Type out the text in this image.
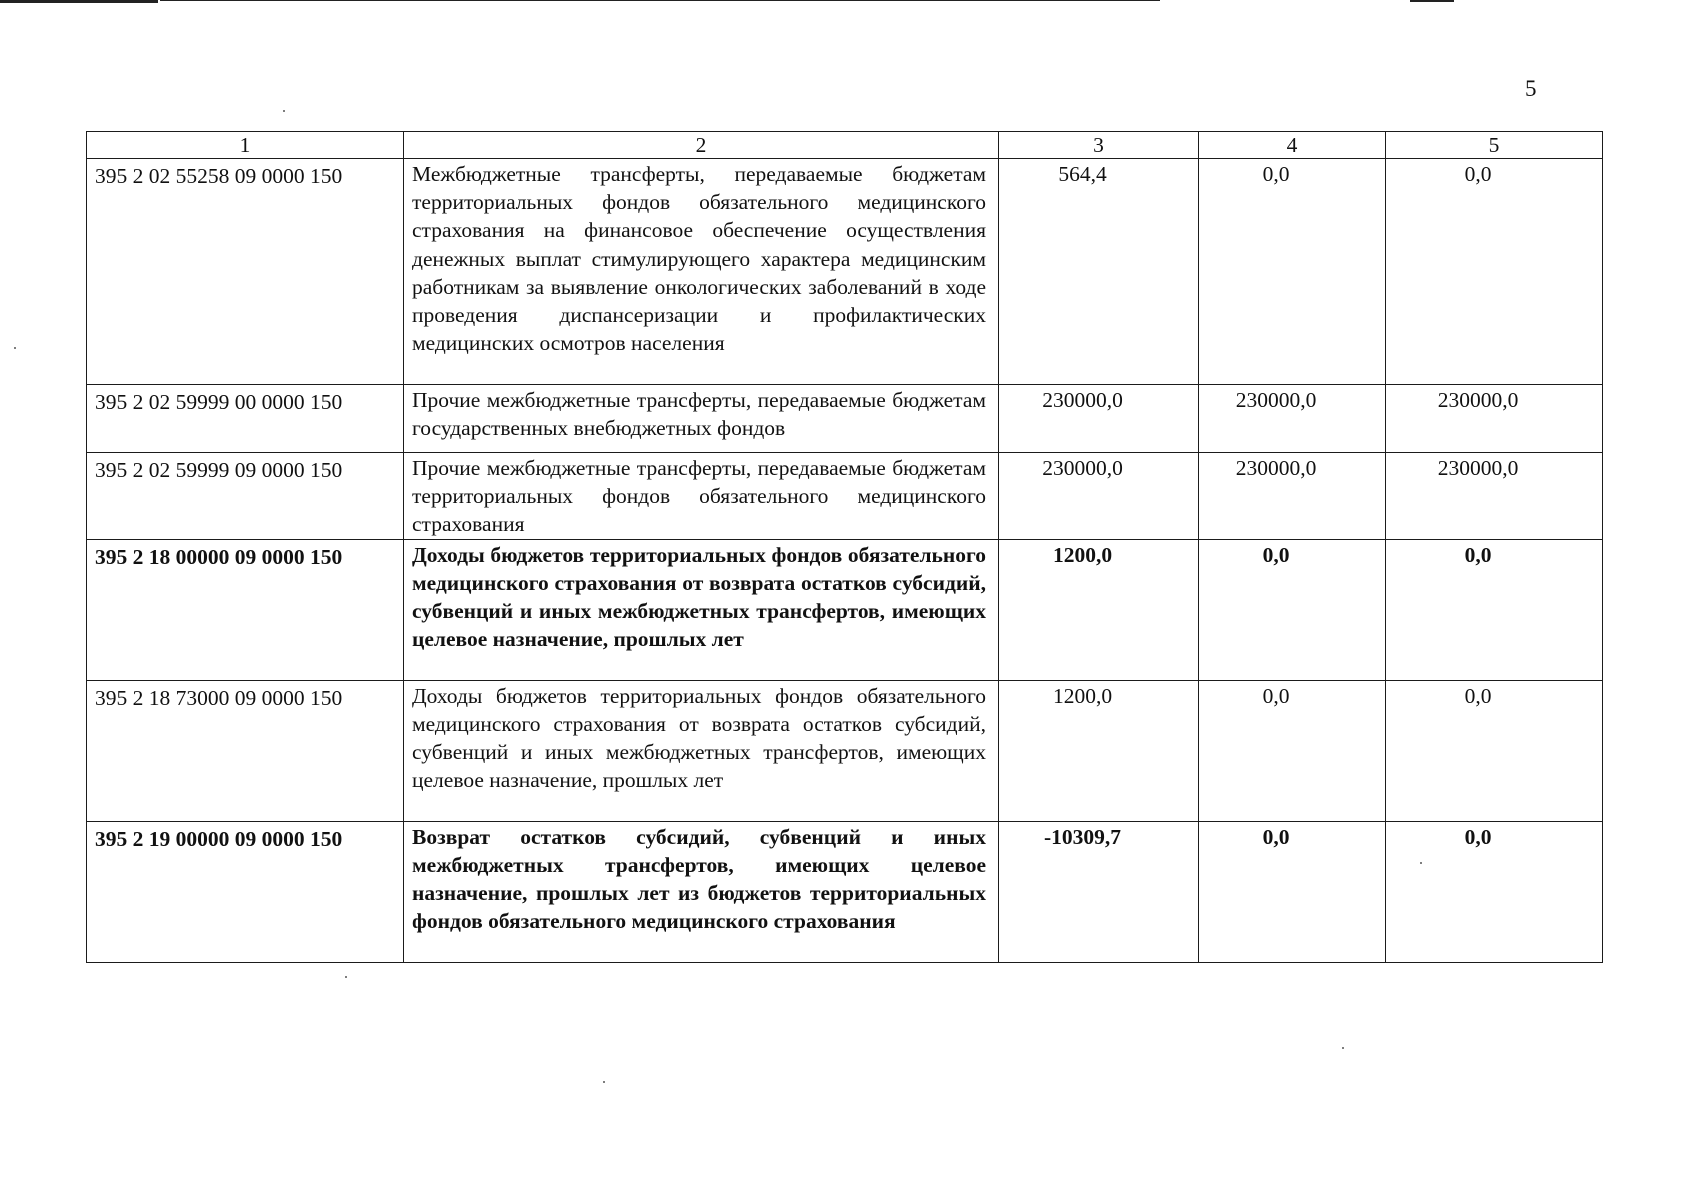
5
1	2	3	4	5
395 2 02 55258 09 0000 150	Межбюджетные трансферты, передаваемые бюджетам территориальных фондов обязательного медицинского страхования на финансовое обеспечение осуществления денежных выплат стимулирующего характера медицинским работникам за выявление онкологических заболеваний в ходе проведения диспансеризации и профилактических медицинских осмотров населения	564,4	0,0	0,0
395 2 02 59999 00 0000 150	Прочие межбюджетные трансферты, передаваемые бюджетам государственных внебюджетных фондов	230000,0	230000,0	230000,0
395 2 02 59999 09 0000 150	Прочие межбюджетные трансферты, передаваемые бюджетам территориальных фондов обязательного медицинского страхования	230000,0	230000,0	230000,0
395 2 18 00000 09 0000 150	Доходы бюджетов территориальных фондов обязательного медицинского страхования от возврата остатков субсидий, субвенций и иных межбюджетных трансфертов, имеющих целевое назначение, прошлых лет	1200,0	0,0	0,0
395 2 18 73000 09 0000 150	Доходы бюджетов территориальных фондов обязательного медицинского страхования от возврата остатков субсидий, субвенций и иных межбюджетных трансфертов, имеющих целевое назначение, прошлых лет	1200,0	0,0	0,0
395 2 19 00000 09 0000 150	Возврат остатков субсидий, субвенций и иных межбюджетных трансфертов, имеющих целевое назначение, прошлых лет из бюджетов территориальных фондов обязательного медицинского страхования	-10309,7	0,0	0,0
